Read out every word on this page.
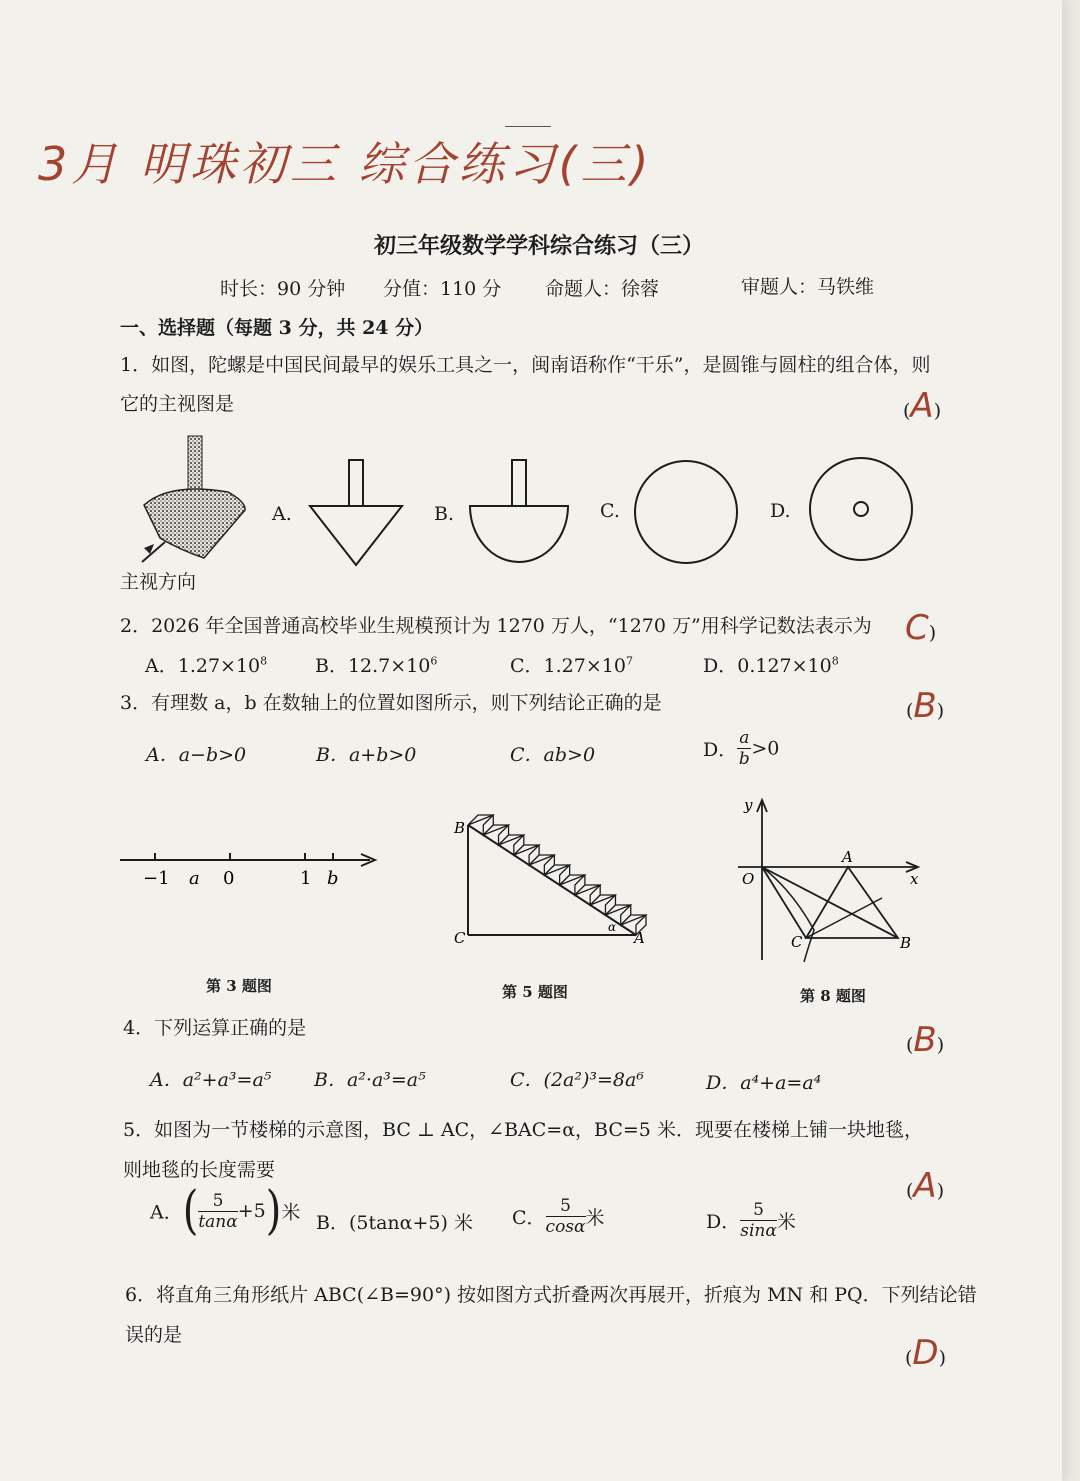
3月 明珠初三 综合练习(三)
初三年级数学学科综合练习（三）
时长：90 分钟 分值：110 分 命题人：徐蓉	审题人：马铁维
一、选择题（每题 3 分，共 24 分）
1．如图，陀螺是中国民间最早的娱乐工具之一，闽南语称作“干乐”，是圆锥与圆柱的组合体，则
它的主视图是	(A)
主视方向
A.	B.	C.	D.
2．2026 年全国普通高校毕业生规模预计为 1270 万人，“1270 万”用科学记数法表示为 C)
A．$1.27\times 10^8$	B．$12.7\times 10^6$	C．$1.27\times 10^7$	D．$0.127\times 10^8$
3．有理数 a，b 在数轴上的位置如图所示，则下列结论正确的是	(B)
A．a−b>0	B．a+b>0	C．ab>0	D． $\frac{a}{b} >0$
−1 a 0	1 b
第 3 题图
B
C	A
α
第 5 题图
y
x
O
A
B
C
第 8 题图
4．下列运算正确的是
(B)
A．a²+a³=a⁵ B．a²·a³=a⁵	C．(2a²)³=8a⁶	D．a⁴+a=a⁴
5．如图为一节楼梯的示意图，BC ⊥ AC，∠BAC=α，BC=5 米．现要在楼梯上铺一块地毯，
则地毯的长度需要
(A)
A．( $\frac{5}{\tan\alpha} +5$)米 B．(5tanα+5) 米 C． $\frac{5}{\cos\alpha}$ 米	D． $\frac{5}{\sin\alpha}$ 米
6．将直角三角形纸片 ABC(∠B=90°) 按如图方式折叠两次再展开，折痕为 MN 和 PQ．下列结论错
误的是
(D)
